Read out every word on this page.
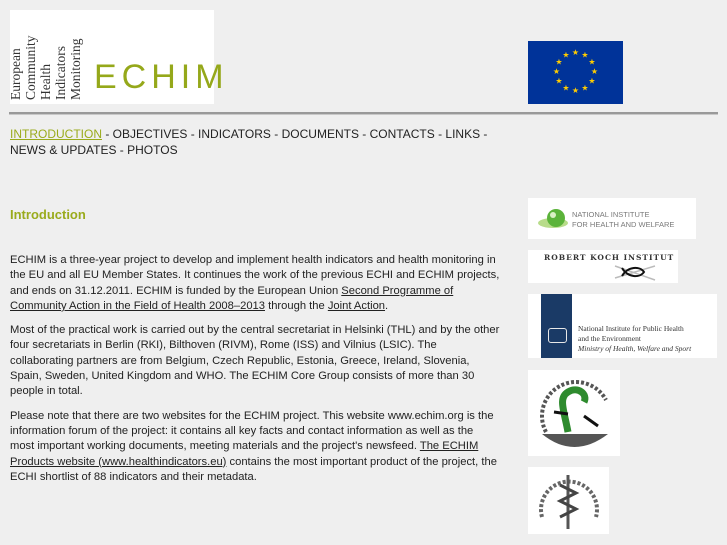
European Community Health Indicators Monitoring ECHIM
★ ★
★
★
★
★
★
★
★
★
★
★
INTRODUCTION - OBJECTIVES - INDICATORS - DOCUMENTS - CONTACTS - LINKS - NEWS & UPDATES - PHOTOS
Introduction

ECHIM is a three-year project to develop and implement health indicators and health monitoring in the EU and all EU Member States. It continues the work of the previous ECHI and ECHIM projects, and ends on 31.12.2011. ECHIM is funded by the European Union Second Programme of Community Action in the Field of Health 2008–2013 through the Joint Action.

Most of the practical work is carried out by the central secretariat in Helsinki (THL) and by the other four secretariats in Berlin (RKI), Bilthoven (RIVM), Rome (ISS) and Vilnius (LSIC). The collaborating partners are from Belgium, Czech Republic, Estonia, Greece, Ireland, Slovenia, Spain, Sweden, United Kingdom and WHO. The ECHIM Core Group consists of more than 30 people in total.

Please note that there are two websites for the ECHIM project. This website www.echim.org is the information forum of the project: it contains all key facts and contact information as well as the most important working documents, meeting materials and the project's newsfeed. The ECHIM Products website (www.healthindicators.eu) contains the most important product of the project, the ECHI shortlist of 88 indicators and their metadata.

NATIONAL INSTITUTE
FOR HEALTH AND WELFARE
ROBERT KOCH INSTITUT
National Institute for Public Health
and the Environment
Ministry of Health, Welfare and Sport
